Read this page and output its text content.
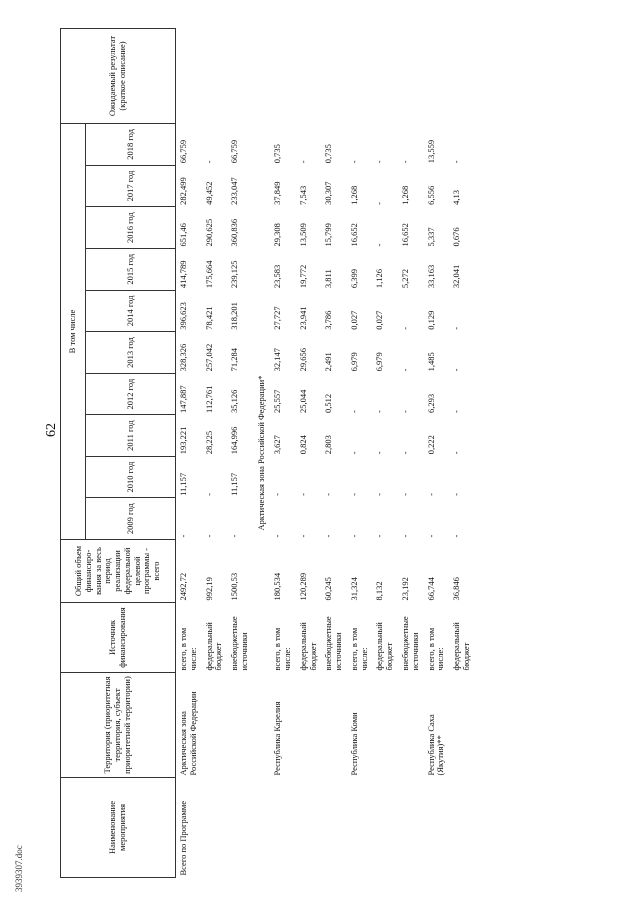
62
3939307.doc
Наименование мероприятия	Территория (приоритетная территория, субъект приоритетной территории)	Источник финансирования	Общий объем финансиро-вания за весь период реализации федеральной целевой программы - всего	В том числе										Ожидаемый результат (краткое описание)
				2009 год	2010 год	2011 год	2012 год	2013 год	2014 год	2015 год	2016 год	2017 год	2018 год	
Всего по Программе	Арктическая зона Российской Федерации	всего, в том числе:	2492,72	-	11,157	193,221	147,887	328,326	396,623	414,789	651,46	282,499	66,759	
		федеральный бюджет	992,19	-	-	28,225	112,761	257,042	78,421	175,664	290,625	49,452	-	
		внебюджетные источники	1500,53	-	11,157	164,996	35,126	71,284	318,201	239,125	360,836	233,047	66,759	
Арктическая зона Российской Федерации*														
	Республика Карелия	всего, в том числе:	180,534	-	-	3,627	25,557	32,147	27,727	23,583	29,308	37,849	0,735	
		федеральный бюджет	120,289	-	-	0,824	25,044	29,656	23,941	19,772	13,509	7,543	-	
		внебюджетные источники	60,245	-	-	2,803	0,512	2,491	3,786	3,811	15,799	30,307	0,735	
	Республика Коми	всего, в том числе:	31,324	-	-	-	-	6,979	0,027	6,399	16,652	1,268	-	
		федеральный бюджет	8,132	-	-	-	-	6,979	0,027	1,126	-	-	-	
		внебюджетные источники	23,192	-	-	-	-	-	-	5,272	16,652	1,268	-	
	Республика Саха (Якутия)**	всего, в том числе:	66,744	-	-	0,222	6,293	1,485	0,129	33,163	5,337	6,556	13,559	
		федеральный бюджет	36,846	-	-	-	-	-	-	32,041	0,676	4,13	-	
